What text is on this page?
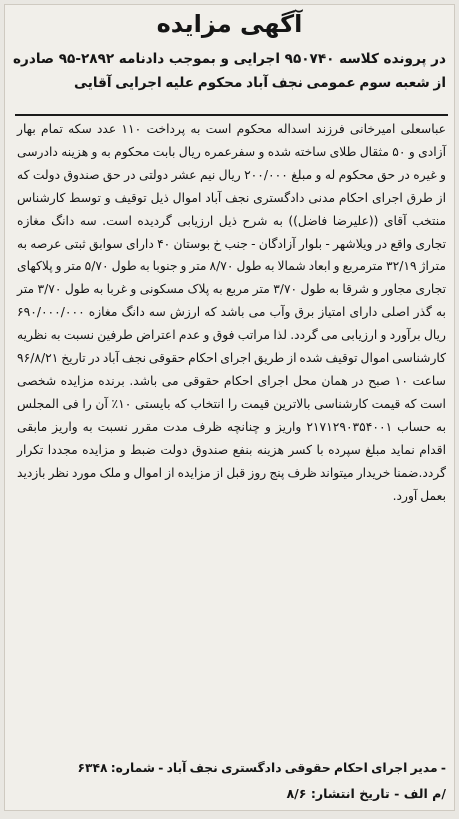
آگهی مزایده
در پرونده کلاسه ۹۵۰۷۴۰ اجرایی و بموجب دادنامه ۲۸۹۲-۹۵ صادره از شعبه سوم عمومی نجف آباد محکوم علیه اجرایی آقایی
عباسعلی امیرخانی فرزند اسداله محکوم است به پرداخت ۱۱۰ عدد سکه تمام بهار آزادی و ۵۰ مثقال طلای ساخته شده و سفرعمره ریال بابت محکوم به و هزینه دادرسی و غیره در حق محکوم له و مبلغ ۲۰۰/۰۰۰ ریال نیم عشر دولتی در حق صندوق دولت که از طرق اجرای احکام مدنی دادگستری نجف آباد اموال ذیل توقیف و توسط کارشناس منتخب آقای ((علیرضا فاضل)) به شرح ذیل ارزیابی گردیده است. سه دانگ مغازه تجاری واقع در ویلاشهر - بلوار آزادگان - جنب خ بوستان ۴۰ دارای سوابق ثبتی عرصه به متراژ ۳۲/۱۹ مترمربع و ابعاد شمالا به طول ۸/۷۰ متر و جنوبا به طول ۵/۷۰ متر و پلاکهای تجاری مجاور و شرقا به طول ۳/۷۰ متر مربع به پلاک مسکونی و غربا به طول ۳/۷۰ متر به گذر اصلی دارای امتیاز برق وآب می باشد که ارزش سه دانگ مغازه ۶۹۰/۰۰۰/۰۰۰ ریال برآورد و ارزیابی می گردد. لذا مراتب فوق و عدم اعتراض طرفین نسبت به نظریه کارشناسی اموال توقیف شده از طریق اجرای احکام حقوقی نجف آباد در تاریخ ۹۶/۸/۲۱ ساعت ۱۰ صبح در همان محل اجرای احکام حقوقی می باشد. برنده مزایده شخصی است که قیمت کارشناسی بالاترین قیمت را انتخاب که بایستی ۱۰٪ آن را فی المجلس به حساب ۲۱۷۱۲۹۰۳۵۴۰۰۱ واریز و چنانچه ظرف مدت مقرر نسبت به واریز مابقی اقدام نماید مبلغ سپرده با کسر هزینه بنفع صندوق دولت ضبط و مزایده مجددا تکرار گردد.ضمنا خریدار میتواند ظرف پنج روز قبل از مزایده از اموال و ملک مورد نظر بازدید بعمل آورد.
- مدیر اجرای احکام حقوقی دادگستری نجف آباد - شماره: ۶۳۴۸
/م الف - تاریخ انتشار: ۸/۶
